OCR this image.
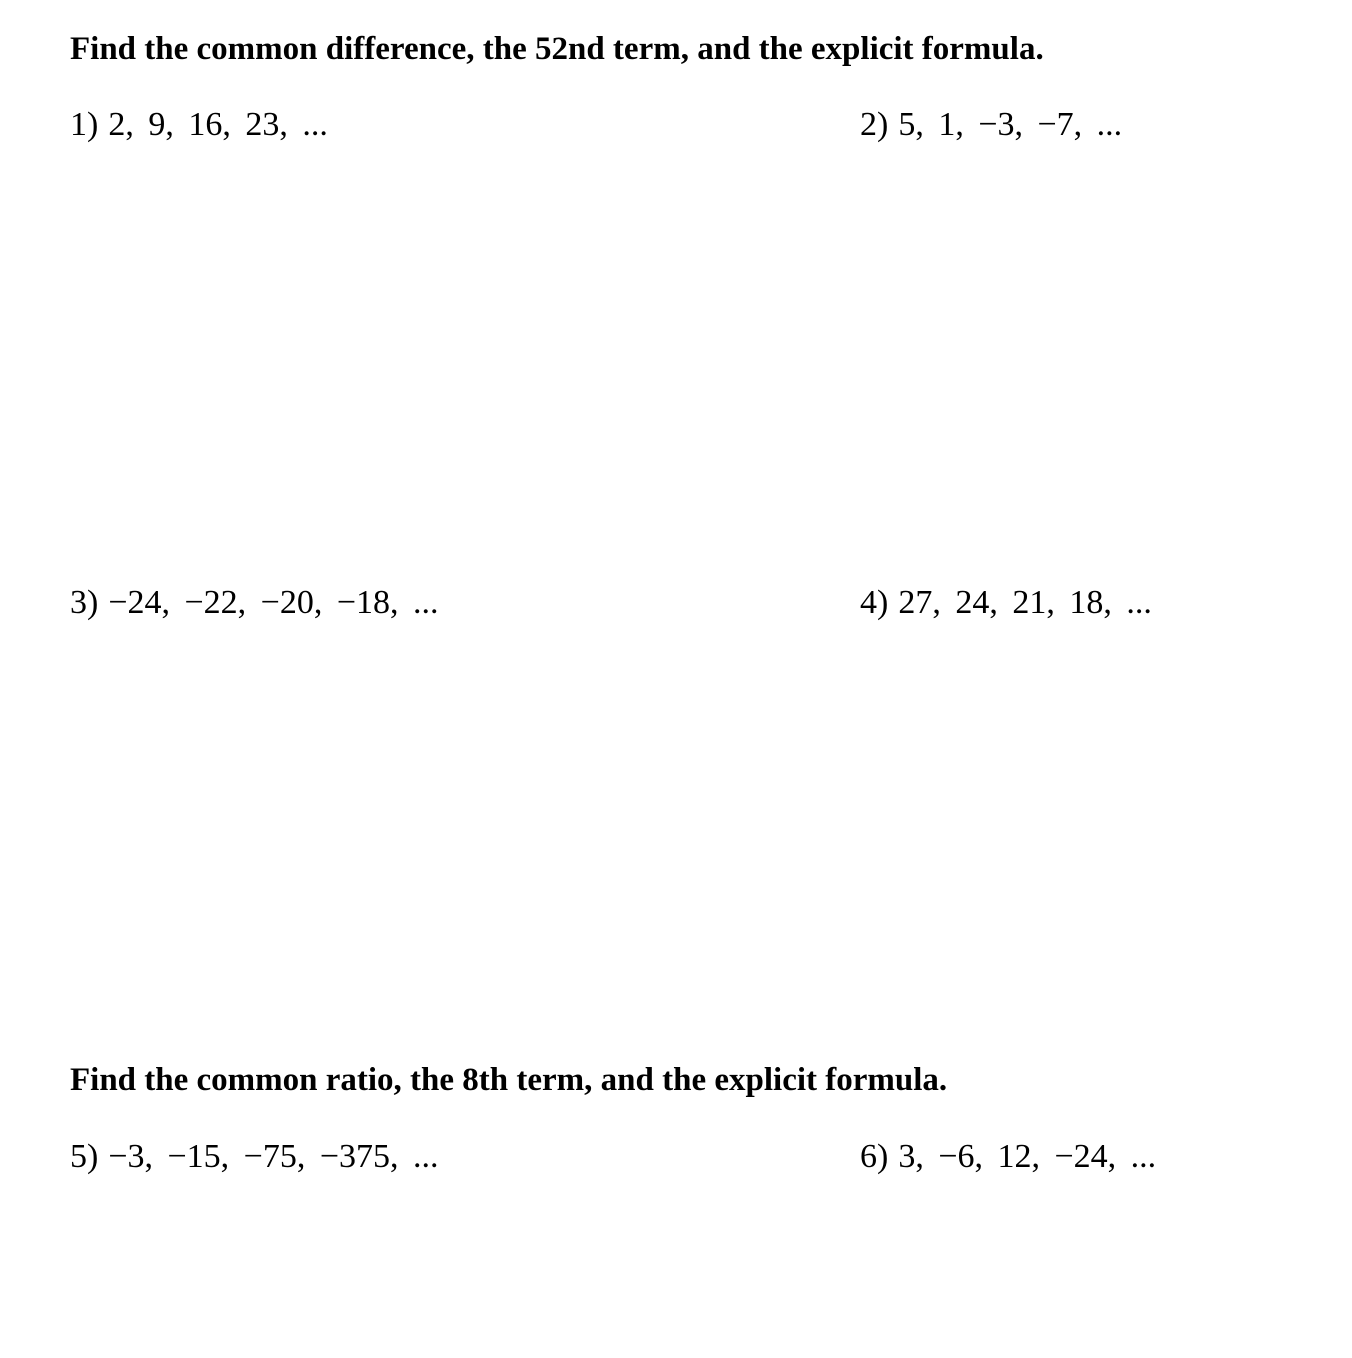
Find the common difference, the 52nd term, and the explicit formula.
1) 2, 9, 16, 23, ...	2) 5, 1, −3, −7, ...
3) −24, −22, −20, −18, ...	4) 27, 24, 21, 18, ...
Find the common ratio, the 8th term, and the explicit formula.
5) −3, −15, −75, −375, ...	6) 3, −6, 12, −24, ...
